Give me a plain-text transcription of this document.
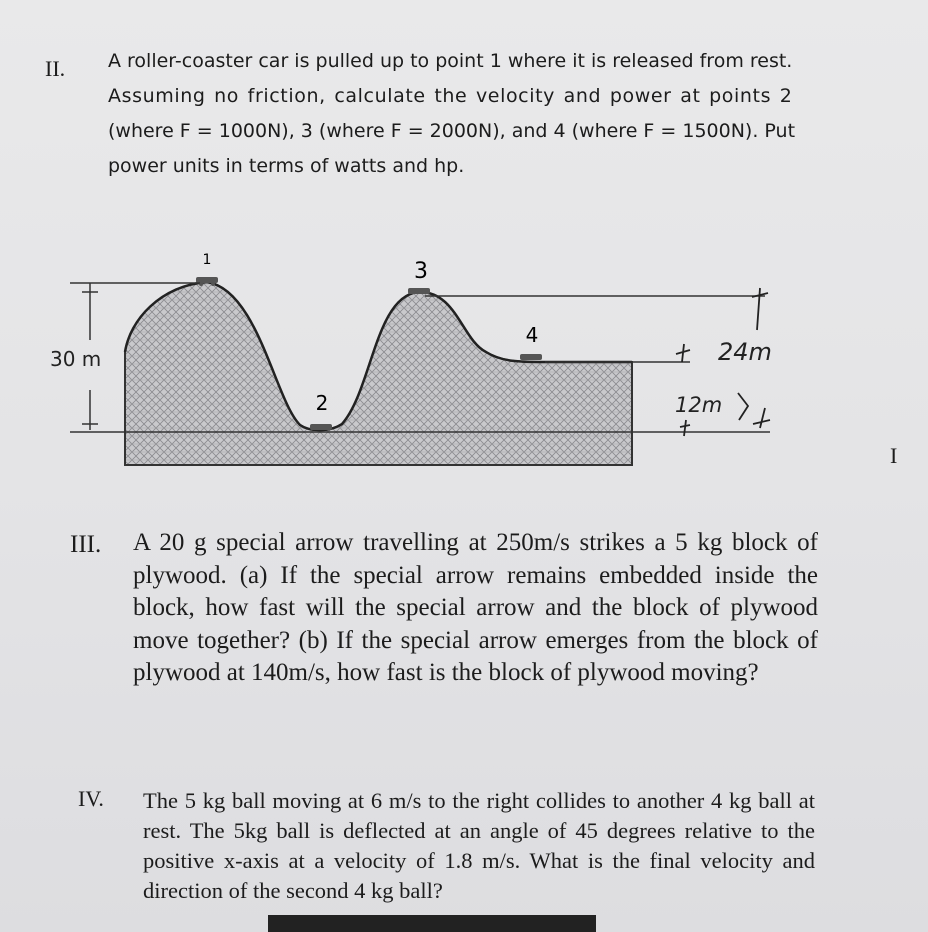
II. A roller-coaster car is pulled up to point 1 where it is released from rest.
Assuming no friction, calculate the velocity and power at points 2
(where F = 1000N), 3 (where F = 2000N), and 4 (where F = 1500N). Put
power units in terms of watts and hp.
1
2
3
4
30 m	24m
12m
I
III. A 20 g special arrow travelling at 250m/s strikes a 5 kg block of plywood. (a) If the special arrow remains embedded inside the block, how fast will the special arrow and the block of plywood move together? (b) If the special arrow emerges from the block of plywood at 140m/s, how fast is the block of plywood moving?
IV. The 5 kg ball moving at 6 m/s to the right collides to another 4 kg ball at rest. The 5kg ball is deflected at an angle of 45 degrees relative to the positive x-axis at a velocity of 1.8 m/s. What is the final velocity and direction of the second 4 kg ball?
